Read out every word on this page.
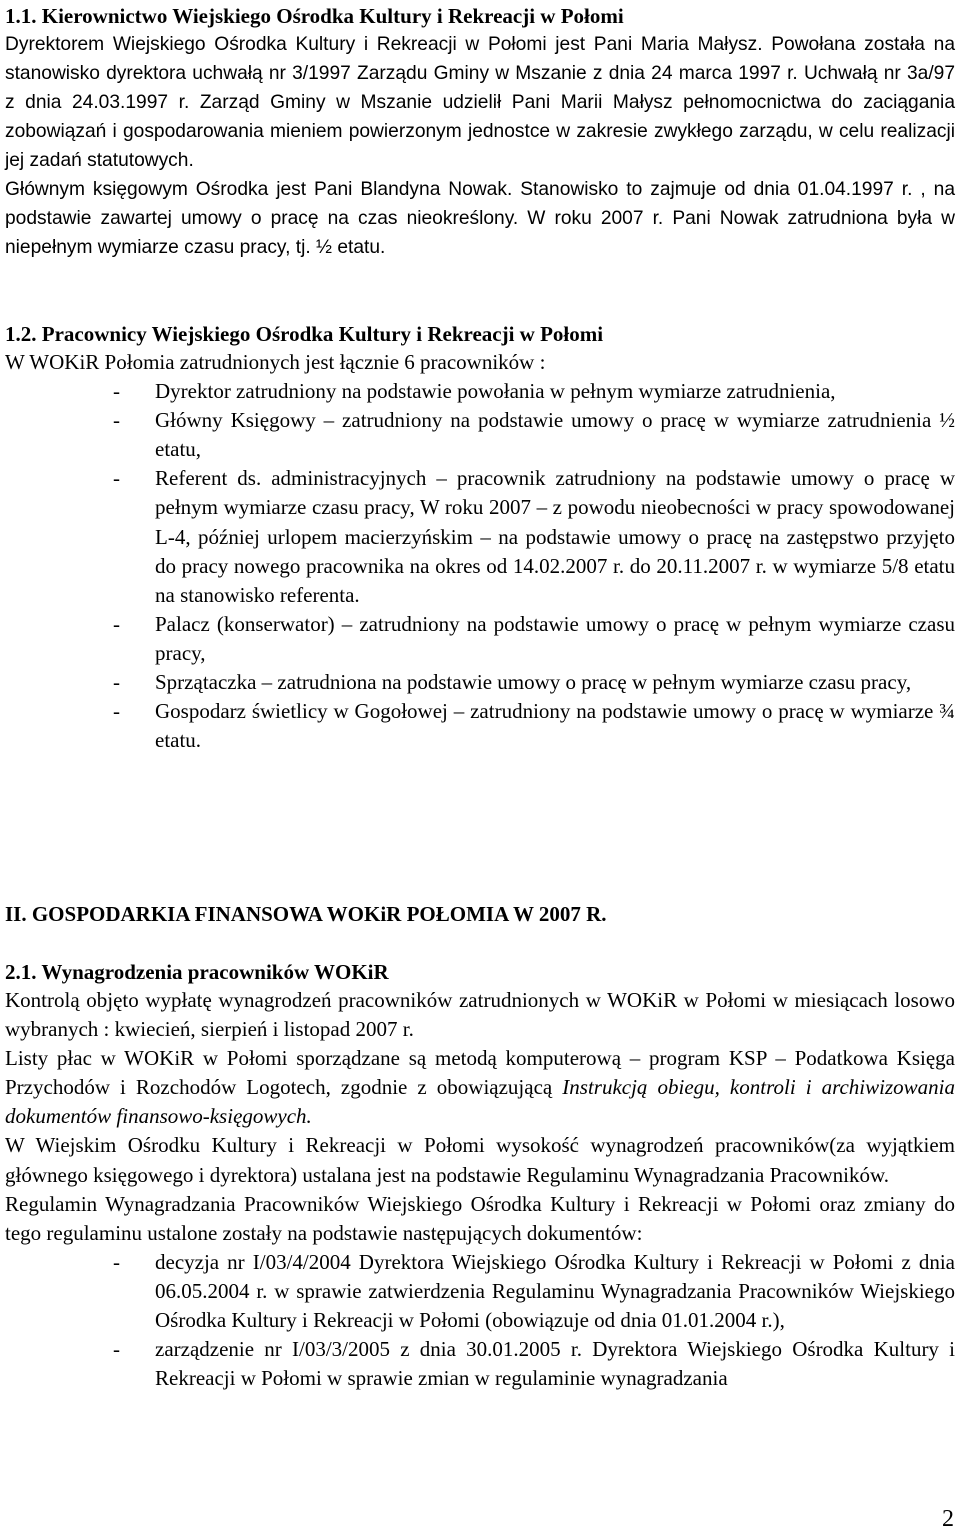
1.1. Kierownictwo Wiejskiego Ośrodka Kultury i Rekreacji w Połomi

Dyrektorem Wiejskiego Ośrodka Kultury i Rekreacji w Połomi jest Pani Maria Małysz. Powołana została na stanowisko dyrektora uchwałą nr 3/1997 Zarządu Gminy w Mszanie z dnia 24 marca 1997 r. Uchwałą nr 3a/97 z dnia 24.03.1997 r. Zarząd Gminy w Mszanie udzielił Pani Marii Małysz pełnomocnictwa do zaciągania zobowiązań i gospodarowania mieniem powierzonym jednostce w zakresie zwykłego zarządu, w celu realizacji jej zadań statutowych.

Głównym księgowym Ośrodka jest Pani Blandyna Nowak. Stanowisko to zajmuje od dnia 01.04.1997 r. , na podstawie zawartej umowy o pracę na czas nieokreślony. W roku 2007 r. Pani Nowak zatrudniona była w niepełnym wymiarze czasu pracy, tj. ½ etatu.

1.2. Pracownicy Wiejskiego Ośrodka Kultury i Rekreacji w Połomi

W WOKiR Połomia zatrudnionych jest łącznie 6 pracowników :

- Dyrektor zatrudniony na podstawie powołania w pełnym wymiarze zatrudnienia,
- Główny Księgowy – zatrudniony na podstawie umowy o pracę w wymiarze zatrudnienia ½ etatu,
- Referent ds. administracyjnych – pracownik zatrudniony na podstawie umowy o pracę w pełnym wymiarze czasu pracy, W roku 2007 – z powodu nieobecności w pracy spowodowanej L-4, później urlopem macierzyńskim – na podstawie umowy o pracę na zastępstwo przyjęto do pracy nowego pracownika na okres od 14.02.2007 r. do 20.11.2007 r. w wymiarze 5/8 etatu na stanowisko referenta.
- Palacz (konserwator) – zatrudniony na podstawie umowy o pracę w pełnym wymiarze czasu pracy,
- Sprzątaczka – zatrudniona na podstawie umowy o pracę w pełnym wymiarze czasu pracy,
- Gospodarz świetlicy w Gogołowej – zatrudniony na podstawie umowy o pracę w wymiarze ¾ etatu.
II. GOSPODARKIA FINANSOWA WOKiR POŁOMIA W 2007 R.
2.1. Wynagrodzenia pracowników WOKiR

Kontrolą objęto wypłatę wynagrodzeń pracowników zatrudnionych w WOKiR w Połomi w miesiącach losowo wybranych : kwiecień, sierpień i listopad 2007 r.

Listy płac w WOKiR w Połomi sporządzane są metodą komputerową – program KSP – Podatkowa Księga Przychodów i Rozchodów Logotech, zgodnie z obowiązującą Instrukcją obiegu, kontroli i archiwizowania dokumentów finansowo-księgowych.

W Wiejskim Ośrodku Kultury i Rekreacji w Połomi wysokość wynagrodzeń pracowników(za wyjątkiem głównego księgowego i dyrektora) ustalana jest na podstawie Regulaminu Wynagradzania Pracowników.

Regulamin Wynagradzania Pracowników Wiejskiego Ośrodka Kultury i Rekreacji w Połomi oraz zmiany do tego regulaminu ustalone zostały na podstawie następujących dokumentów:

- decyzja nr I/03/4/2004 Dyrektora Wiejskiego Ośrodka Kultury i Rekreacji w Połomi z dnia 06.05.2004 r. w sprawie zatwierdzenia Regulaminu Wynagradzania Pracowników Wiejskiego Ośrodka Kultury i Rekreacji w Połomi (obowiązuje od dnia 01.01.2004 r.),
- zarządzenie nr I/03/3/2005 z dnia 30.01.2005 r. Dyrektora Wiejskiego Ośrodka Kultury i Rekreacji w Połomi w sprawie zmian w regulaminie wynagradzania
2
